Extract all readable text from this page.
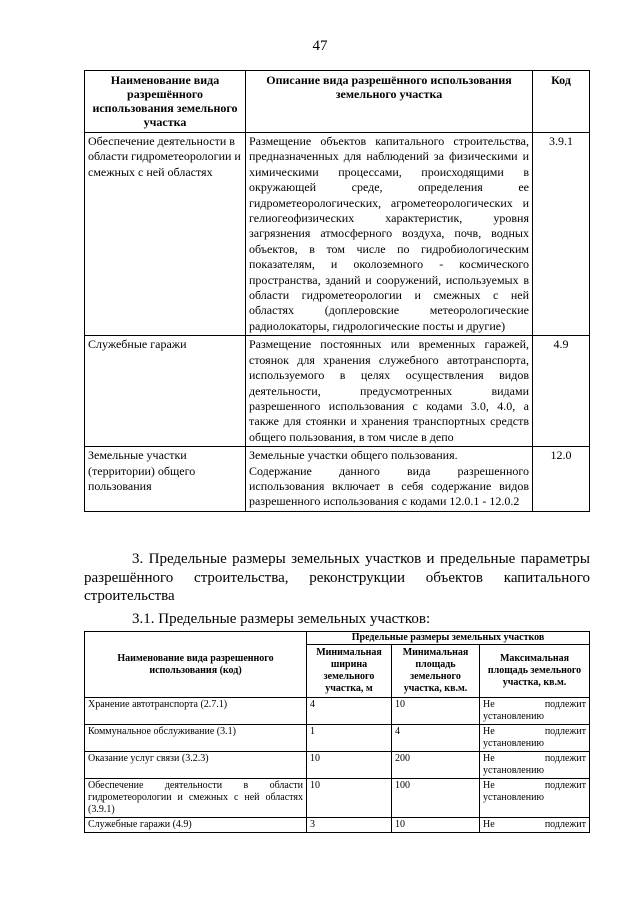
47
Наименование вида разрешённого использования земельного участка	Описание вида разрешённого использования земельного участка	Код
Обеспечение деятельности в области гидрометеорологии и смежных с ней областях	Размещение объектов капитального строительства, предназначенных для наблюдений за физическими и химическими процессами, происходящими в окружающей среде, определения ее гидрометеорологических, агрометеорологических и гелиогеофизических характеристик, уровня загрязнения атмосферного воздуха, почв, водных объектов, в том числе по гидробиологическим показателям, и околоземного - космического пространства, зданий и сооружений, используемых в области гидрометеорологии и смежных с ней областях (доплеровские метеорологические радиолокаторы, гидрологические посты и другие)	3.9.1
Служебные гаражи	Размещение постоянных или временных гаражей, стоянок для хранения служебного автотранспорта, используемого в целях осуществления видов деятельности, предусмотренных видами разрешенного использования с кодами 3.0, 4.0, а также для стоянки и хранения транспортных средств общего пользования, в том числе в депо	4.9
Земельные участки (территории) общего пользования	Земельные участки общего пользования.
Содержание данного вида разрешенного использования включает в себя содержание видов разрешенного использования с кодами 12.0.1 - 12.0.2	12.0
3. Предельные размеры земельных участков и предельные параметры разрешённого строительства, реконструкции объектов капитального
строительства
3.1. Предельные размеры земельных участков:
Наименование вида разрешенного использования (код)	Предельные размеры земельных участков		
	Минимальная ширина земельного участка, м	Минимальная площадь земельного участка, кв.м.	Максимальная площадь земельного участка, кв.м.
Хранение автотранспорта (2.7.1)	4	10	Не подлежит
установлению
Коммунальное обслуживание (3.1)	1	4	Не подлежит
установлению
Оказание услуг связи (3.2.3)	10	200	Не подлежит
установлению
Обеспечение деятельности в области гидрометеорологии и смежных с ней областях (3.9.1)	10	100	Не подлежит
установлению
Служебные гаражи (4.9)	3	10	Не подлежит
